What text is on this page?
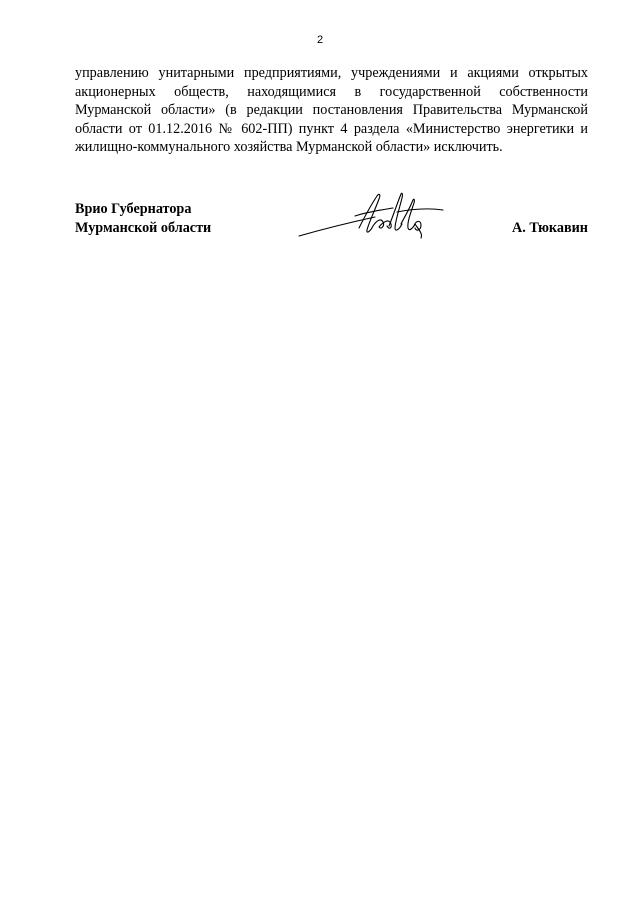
2
управлению унитарными предприятиями, учреждениями и акциями открытых
акционерных обществ, находящимися в государственной собственности
Мурманской области» (в редакции постановления Правительства Мурманской
области от 01.12.2016 № 602-ПП) пункт 4 раздела «Министерство энергетики и
жилищно-коммунального хозяйства Мурманской области» исключить.
Врио Губернатора
Мурманской области	А. Тюкавин
